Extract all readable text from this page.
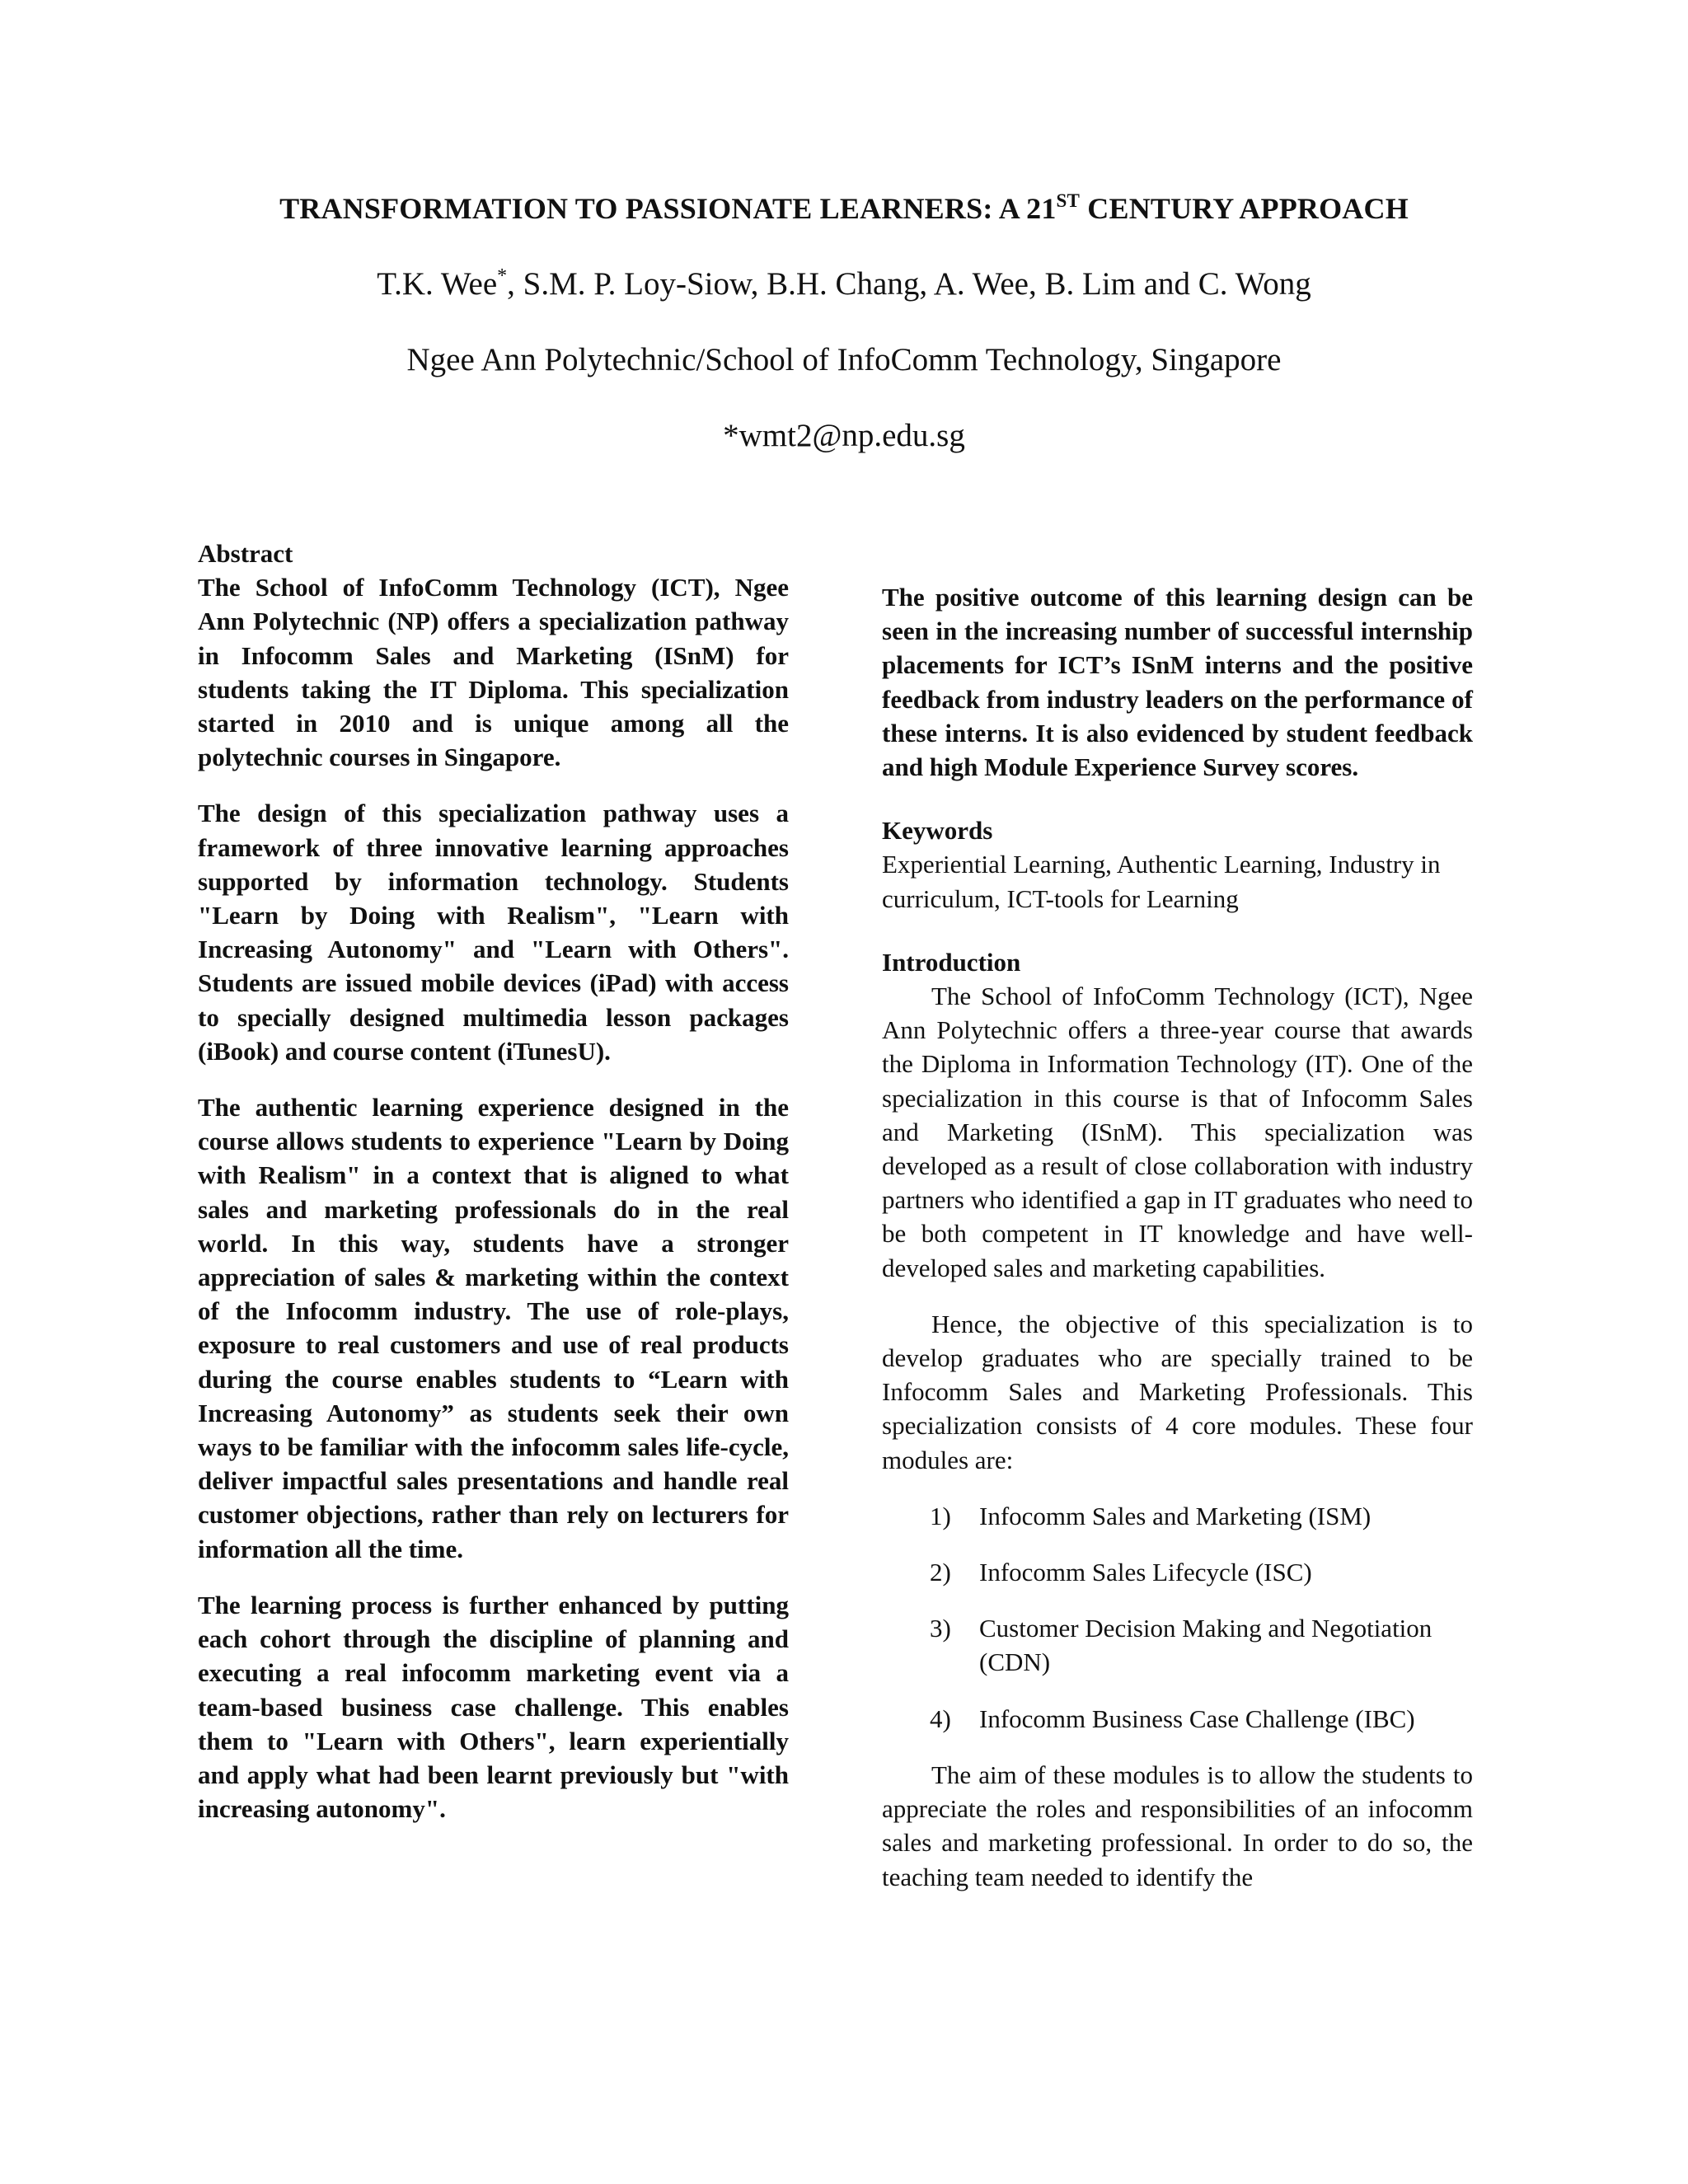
TRANSFORMATION TO PASSIONATE LEARNERS: A 21ST CENTURY APPROACH
T.K. Wee*, S.M. P. Loy-Siow, B.H. Chang, A. Wee, B. Lim and C. Wong
Ngee Ann Polytechnic/School of InfoComm Technology, Singapore
*wmt2@np.edu.sg

Abstract

The School of InfoComm Technology (ICT), Ngee Ann Polytechnic (NP) offers a specialization pathway in Infocomm Sales and Marketing (ISnM) for students taking the IT Diploma. This specialization started in 2010 and is unique among all the polytechnic courses in Singapore.

The design of this specialization pathway uses a framework of three innovative learning approaches supported by information technology. Students "Learn by Doing with Realism", "Learn with Increasing Autonomy" and "Learn with Others". Students are issued mobile devices (iPad) with access to specially designed multimedia lesson packages (iBook) and course content (iTunesU).

The authentic learning experience designed in the course allows students to experience "Learn by Doing with Realism" in a context that is aligned to what sales and marketing professionals do in the real world. In this way, students have a stronger appreciation of sales & marketing within the context of the Infocomm industry. The use of role-plays, exposure to real customers and use of real products during the course enables students to “Learn with Increasing Autonomy” as students seek their own ways to be familiar with the infocomm sales life-cycle, deliver impactful sales presentations and handle real customer objections, rather than rely on lecturers for information all the time.

The learning process is further enhanced by putting each cohort through the discipline of planning and executing a real infocomm marketing event via a team-based business case challenge. This enables them to "Learn with Others", learn experientially and apply what had been learnt previously but "with increasing autonomy".

The positive outcome of this learning design can be seen in the increasing number of successful internship placements for ICT’s ISnM interns and the positive feedback from industry leaders on the performance of these interns. It is also evidenced by student feedback and high Module Experience Survey scores.

Keywords

Experiential Learning, Authentic Learning, Industry in curriculum, ICT-tools for Learning

Introduction

The School of InfoComm Technology (ICT), Ngee Ann Polytechnic offers a three-year course that awards the Diploma in Information Technology (IT). One of the specialization in this course is that of Infocomm Sales and Marketing (ISnM). This specialization was developed as a result of close collaboration with industry partners who identified a gap in IT graduates who need to be both competent in IT knowledge and have well-developed sales and marketing capabilities.

Hence, the objective of this specialization is to develop graduates who are specially trained to be Infocomm Sales and Marketing Professionals. This specialization consists of 4 core modules. These four modules are:

1)	Infocomm Sales and Marketing (ISM)
2)	Infocomm Sales Lifecycle (ISC)
3)	Customer Decision Making and Negotiation (CDN)
4)	Infocomm Business Case Challenge (IBC)

The aim of these modules is to allow the students to appreciate the roles and responsibilities of an infocomm sales and marketing professional. In order to do so, the teaching team needed to identify the
